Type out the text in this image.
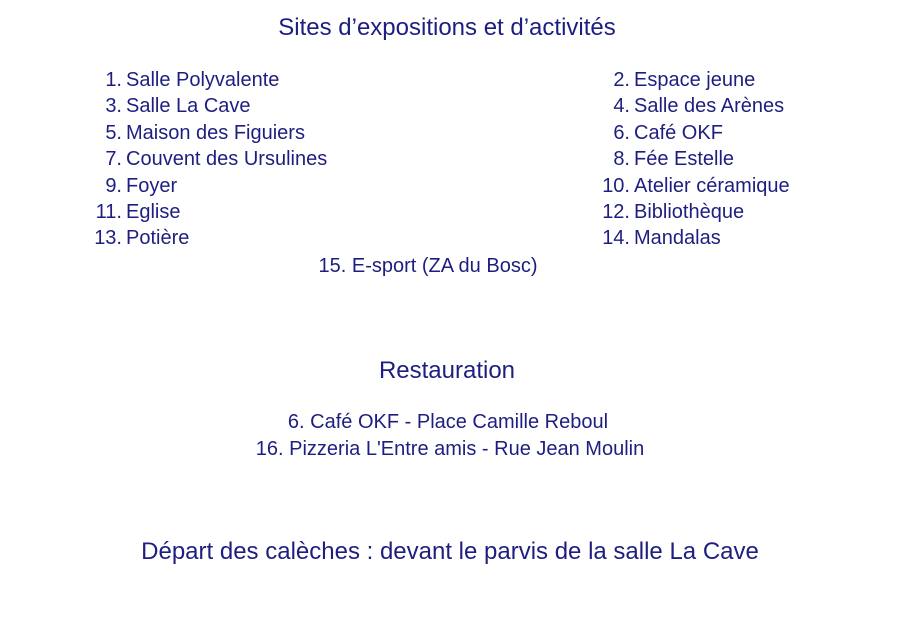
Sites d’expositions et d’activités
1. Salle Polyvalente
3. Salle La Cave
5. Maison des Figuiers
7. Couvent des Ursulines
9. Foyer
11. Eglise
13. Potière
2. Espace jeune
4. Salle des Arènes
6. Café OKF
8. Fée Estelle
10. Atelier céramique
12. Bibliothèque
14. Mandalas
15. E-sport (ZA du Bosc)
Restauration
6. Café OKF - Place Camille Reboul
16. Pizzeria L'Entre amis - Rue Jean Moulin
Départ des calèches : devant le parvis de la salle La Cave
